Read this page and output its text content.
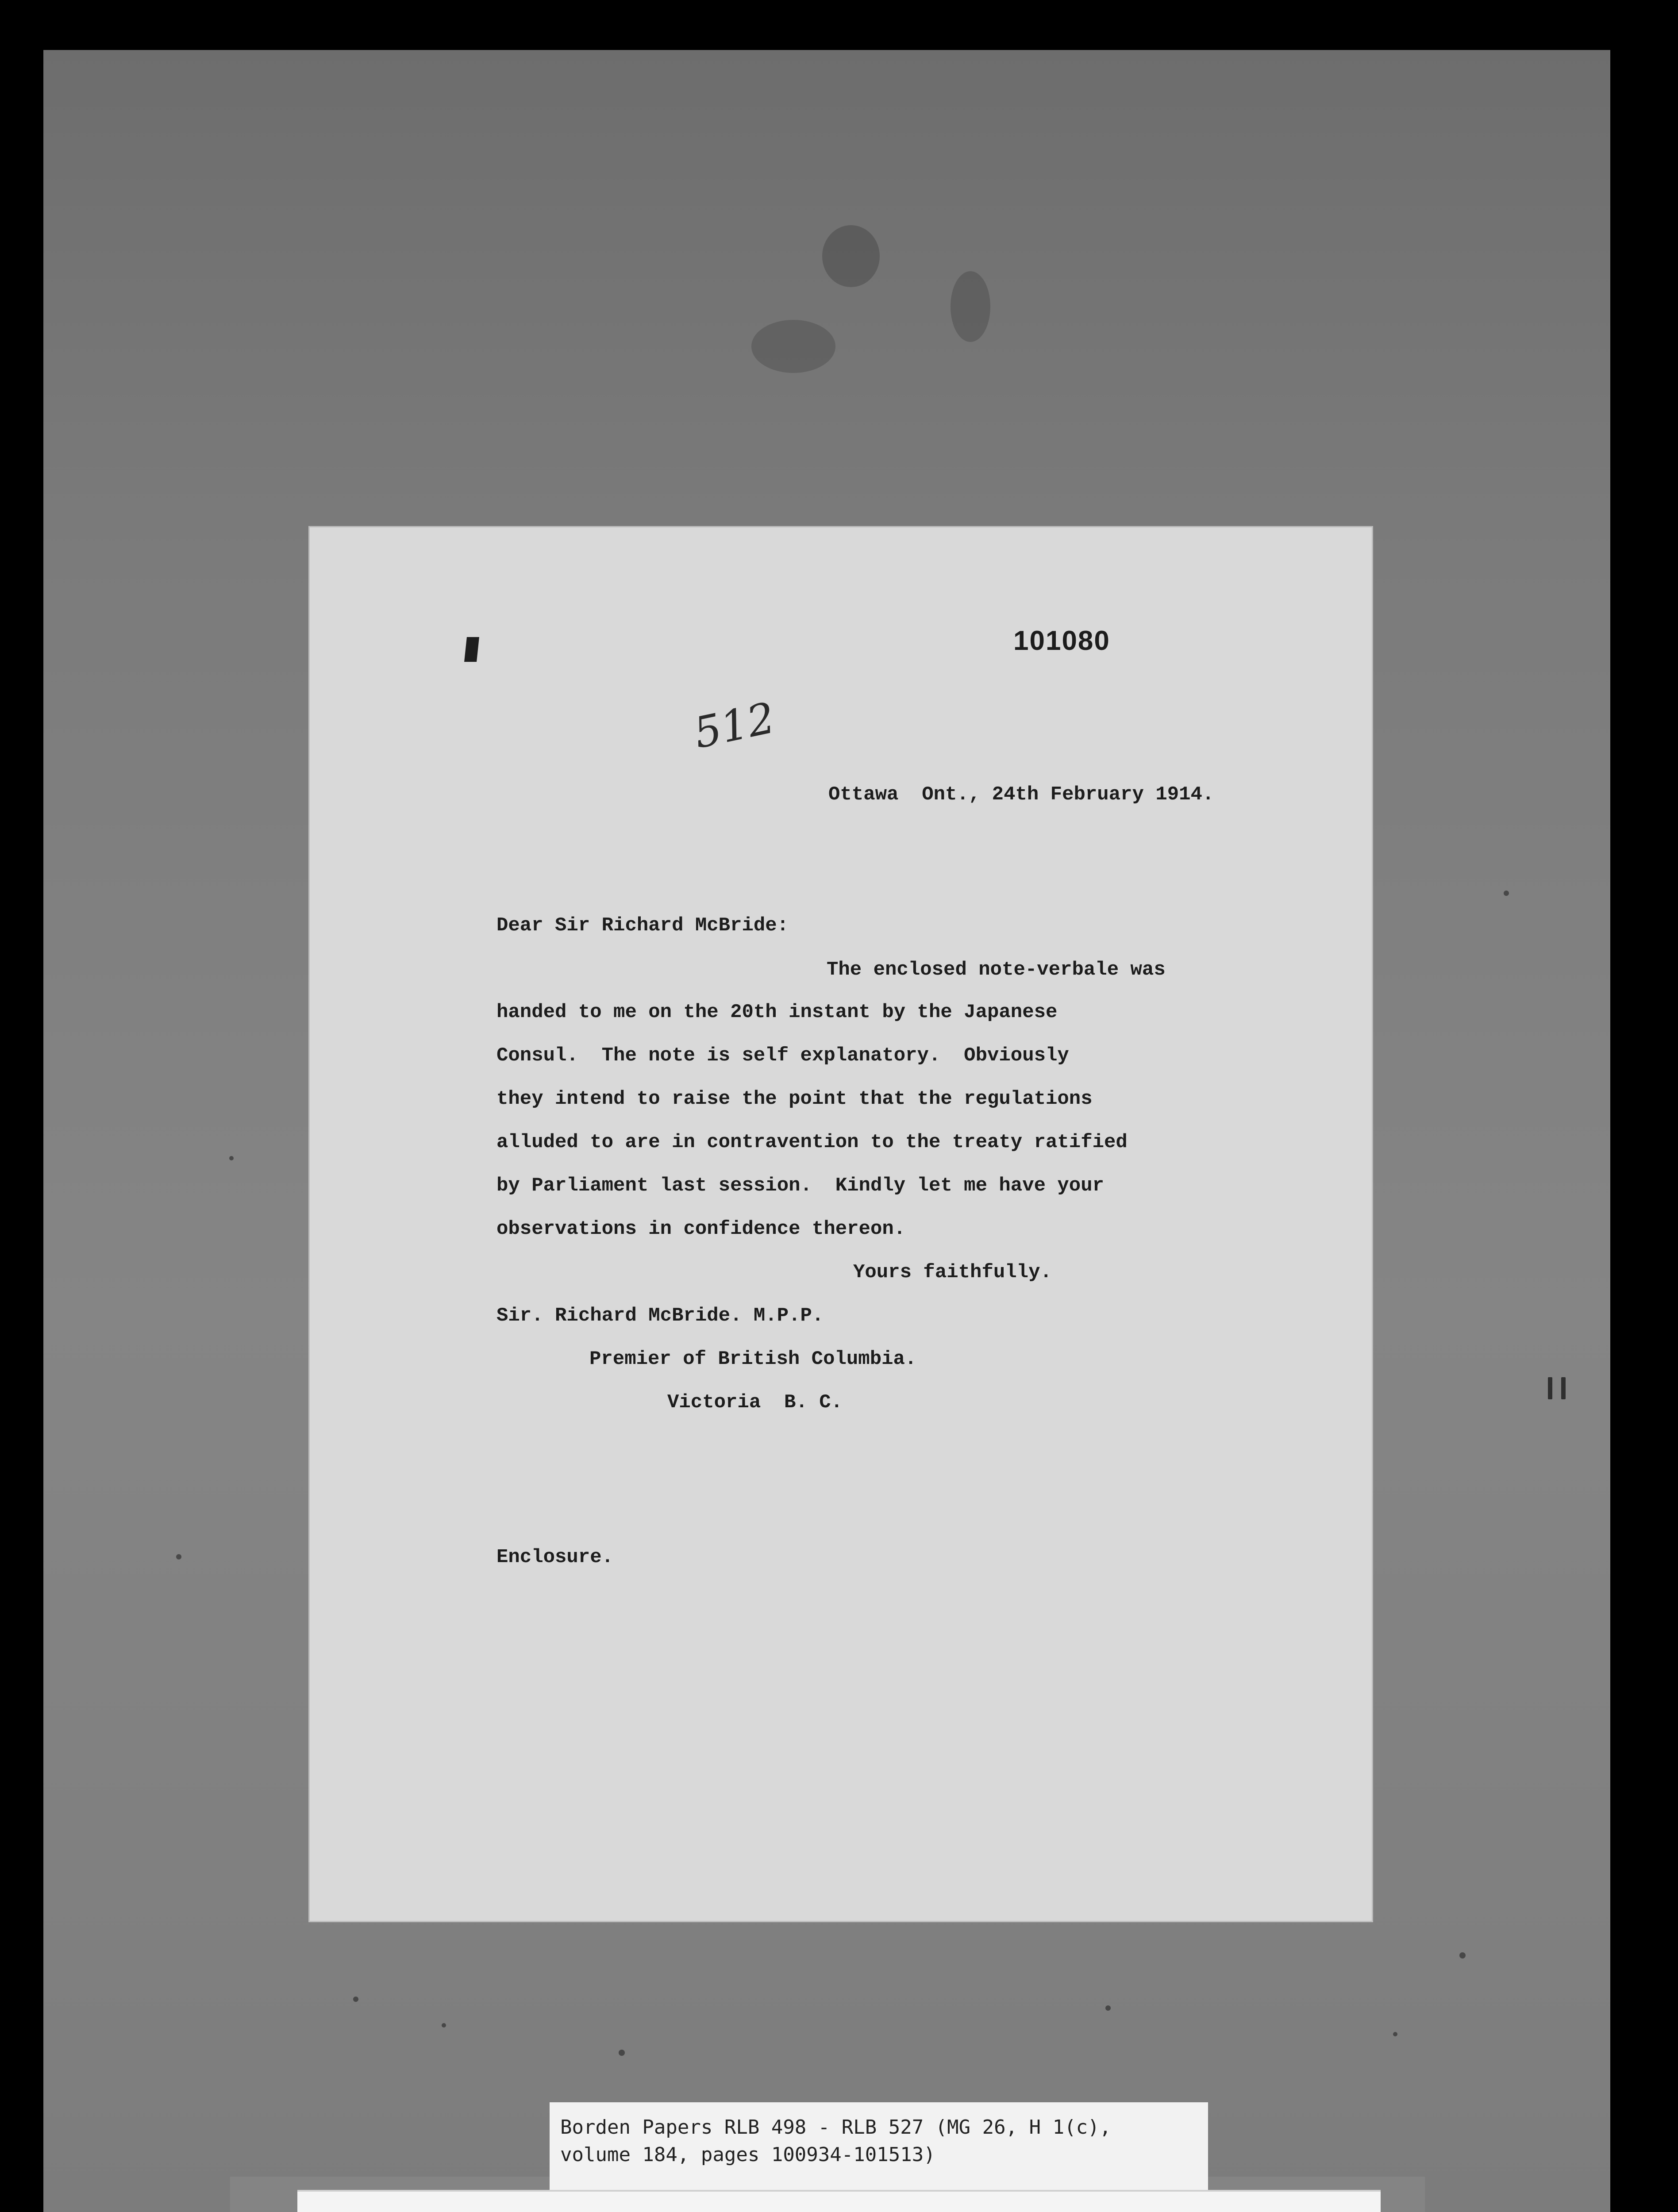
101080
512
Ottawa  Ont., 24th February 1914.
Dear Sir Richard McBride:
The enclosed note-verbale was
handed to me on the 20th instant by the Japanese
Consul.  The note is self explanatory.  Obviously
they intend to raise the point that the regulations
alluded to are in contravention to the treaty ratified
by Parliament last session.  Kindly let me have your
observations in confidence thereon.
Yours faithfully.
Sir. Richard McBride. M.P.P.
Premier of British Columbia.
Victoria  B. C.
Enclosure.
Borden Papers RLB 498 - RLB 527 (MG 26, H 1(c),
volume 184, pages 100934-101513)
